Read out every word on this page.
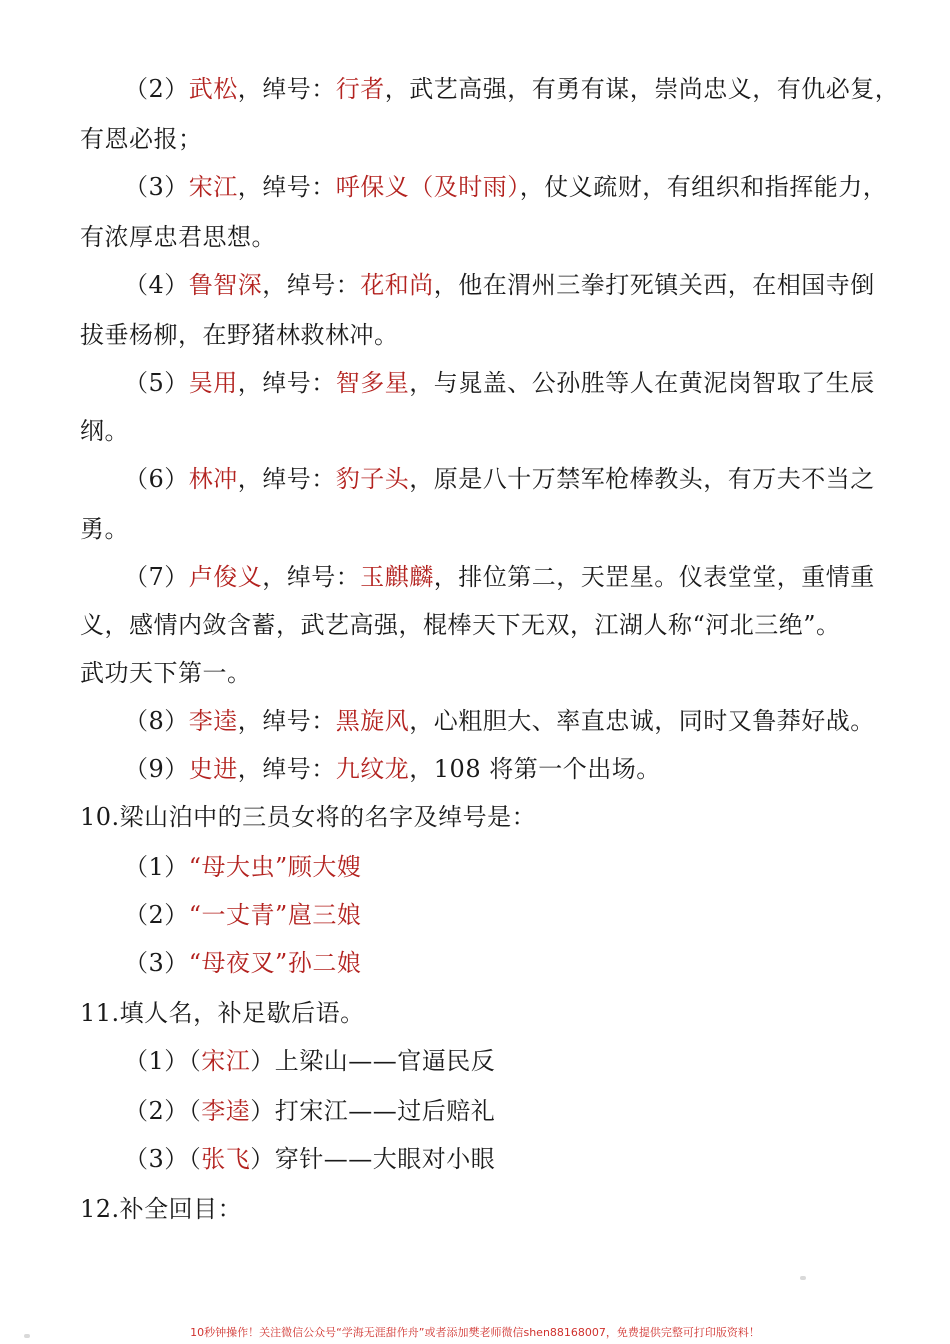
（2）武松，绰号：行者，武艺高强，有勇有谋，崇尚忠义，有仇必复，
有恩必报；
（3）宋江，绰号：呼保义（及时雨），仗义疏财，有组织和指挥能力，
有浓厚忠君思想。
（4）鲁智深，绰号：花和尚，他在渭州三拳打死镇关西，在相国寺倒
拔垂杨柳，在野猪林救林冲。
（5）吴用，绰号：智多星，与晁盖、公孙胜等人在黄泥岗智取了生辰
纲。
（6）林冲，绰号：豹子头，原是八十万禁军枪棒教头，有万夫不当之
勇。
（7）卢俊义，绰号：玉麒麟，排位第二，天罡星。仪表堂堂，重情重
义，感情内敛含蓄，武艺高强，棍棒天下无双，江湖人称“河北三绝”。
武功天下第一。
（8）李逵，绰号：黑旋风，心粗胆大、率直忠诚，同时又鲁莽好战。
（9）史进，绰号：九纹龙，108 将第一个出场。
10.梁山泊中的三员女将的名字及绰号是：
（1）“母大虫”顾大嫂
（2）“一丈青”扈三娘
（3）“母夜叉”孙二娘
11.填人名，补足歇后语。
（1）（宋江）上梁山——官逼民反
（2）（李逵）打宋江——过后赔礼
（3）（张飞）穿针——大眼对小眼
12.补全回目：
10秒钟操作！关注微信公众号“学海无涯甜作舟”或者添加樊老师微信shen88168007，免费提供完整可打印版资料！
